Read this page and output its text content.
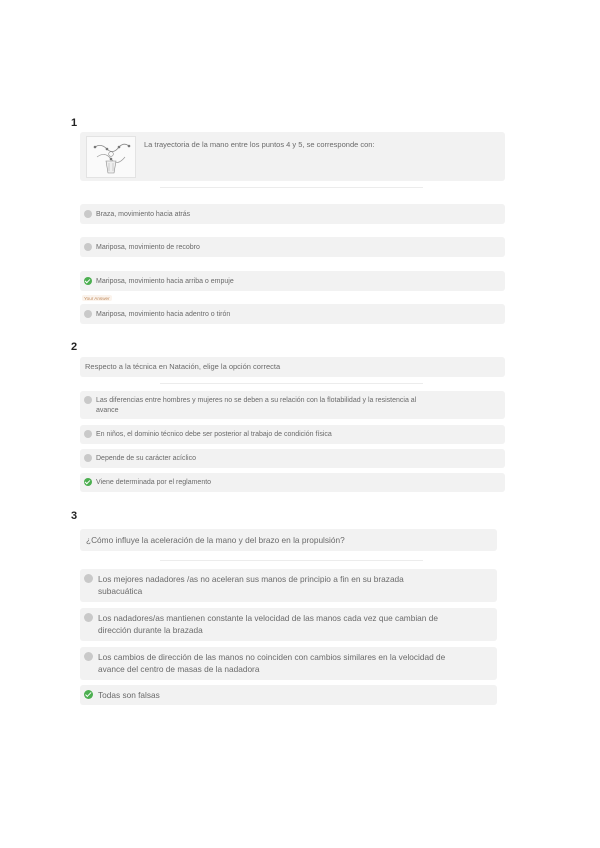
1
La trayectoria de la mano entre los puntos 4 y 5, se corresponde con:
Braza, movimiento hacia atrás
Mariposa, movimiento de recobro
Mariposa, movimiento hacia arriba o empuje
Your Answer
Mariposa, movimiento hacia adentro o tirón
2
Respecto a la técnica en Natación, elige la opción correcta
Las diferencias entre hombres y mujeres no se deben a su relación con la flotabilidad y la resistencia al
avance
En niños, el dominio técnico debe ser posterior al trabajo de condición física
Depende de su carácter acíclico
Viene determinada por el reglamento
3
¿Cómo influye la aceleración de la mano y del brazo en la propulsión?
Los mejores nadadores /as no aceleran sus manos de principio a fin en su brazada
subacuática
Los nadadores/as mantienen constante la velocidad de las manos cada vez que cambian de
dirección durante la brazada
Los cambios de dirección de las manos no coinciden con cambios similares en la velocidad de
avance del centro de masas de la nadadora
Todas son falsas
